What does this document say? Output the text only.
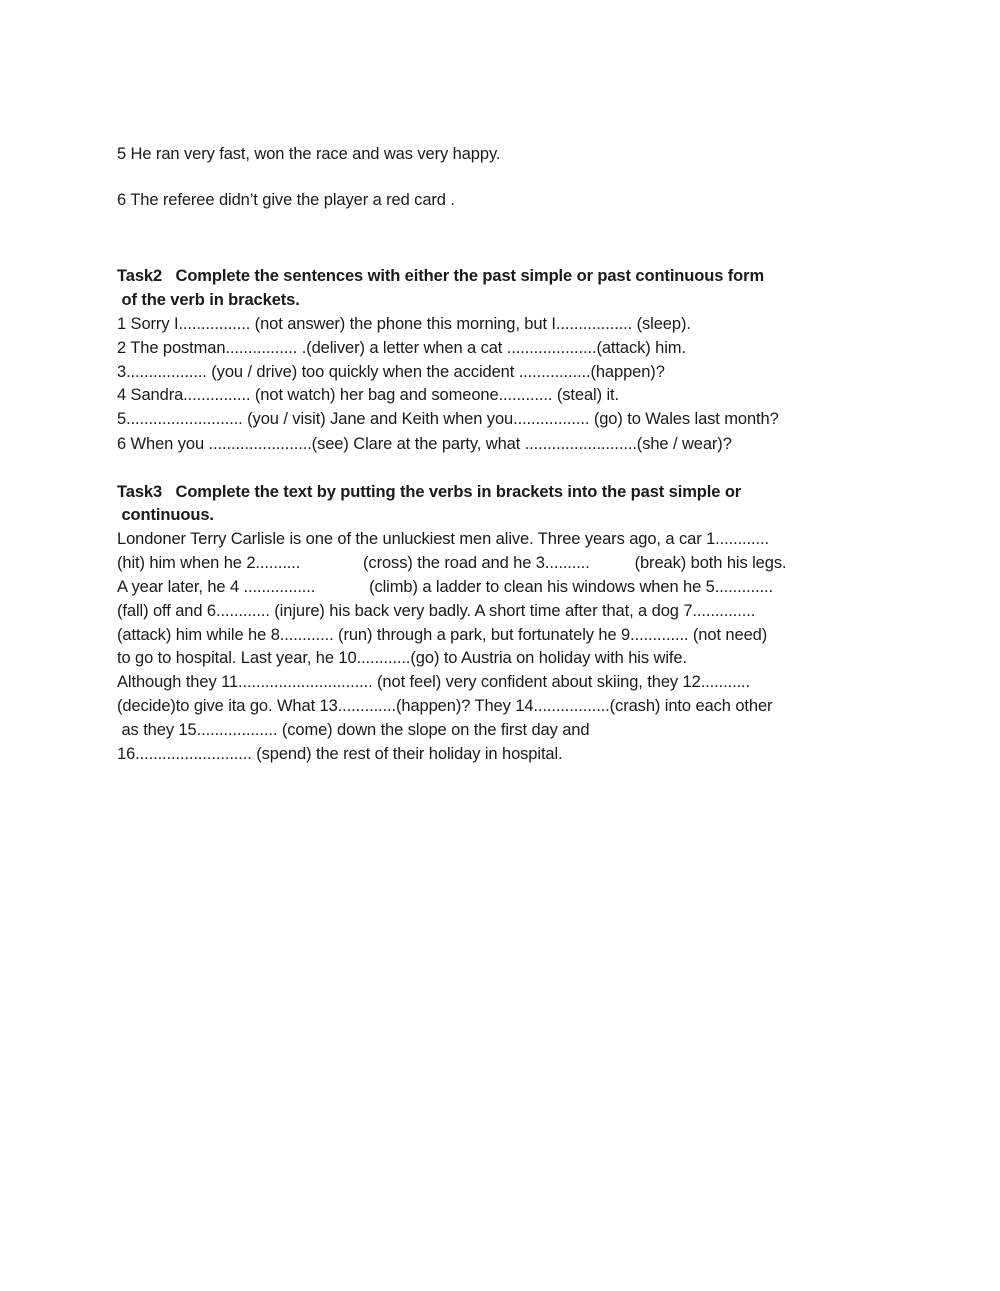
5 He ran very fast, won the race and was very happy.

6 The referee didn’t give the player a red card .

Task2   Complete the sentences with either the past simple or past continuous form

of the verb in brackets.

1 Sorry I................ (not answer) the phone this morning, but I................. (sleep).

2 The postman................ .(deliver) a letter when a cat ....................(attack) him.

3.................. (you / drive) too quickly when the accident ................(happen)?

4 Sandra............... (not watch) her bag and someone............ (steal) it.

5.......................... (you / visit) Jane and Keith when you................. (go) to Wales last month?

6 When you .......................(see) Clare at the party, what .........................(she / wear)?

Task3   Complete the text by putting the verbs in brackets into the past simple or

continuous.

Londoner Terry Carlisle is one of the unluckiest men alive. Three years ago, a car 1............

(hit) him when he 2..........              (cross) the road and he 3..........          (break) both his legs.

A year later, he 4 ................            (climb) a ladder to clean his windows when he 5.............

(fall) off and 6............ (injure) his back very badly. A short time after that, a dog 7..............

(attack) him while he 8............ (run) through a park, but fortunately he 9............. (not need)

to go to hospital. Last year, he 10............(go) to Austria on holiday with his wife.

Although they 11.............................. (not feel) very confident about skiing, they 12...........

(decide)to give ita go. What 13.............(happen)? They 14.................(crash) into each other

as they 15.................. (come) down the slope on the first day and

16.......................... (spend) the rest of their holiday in hospital.
